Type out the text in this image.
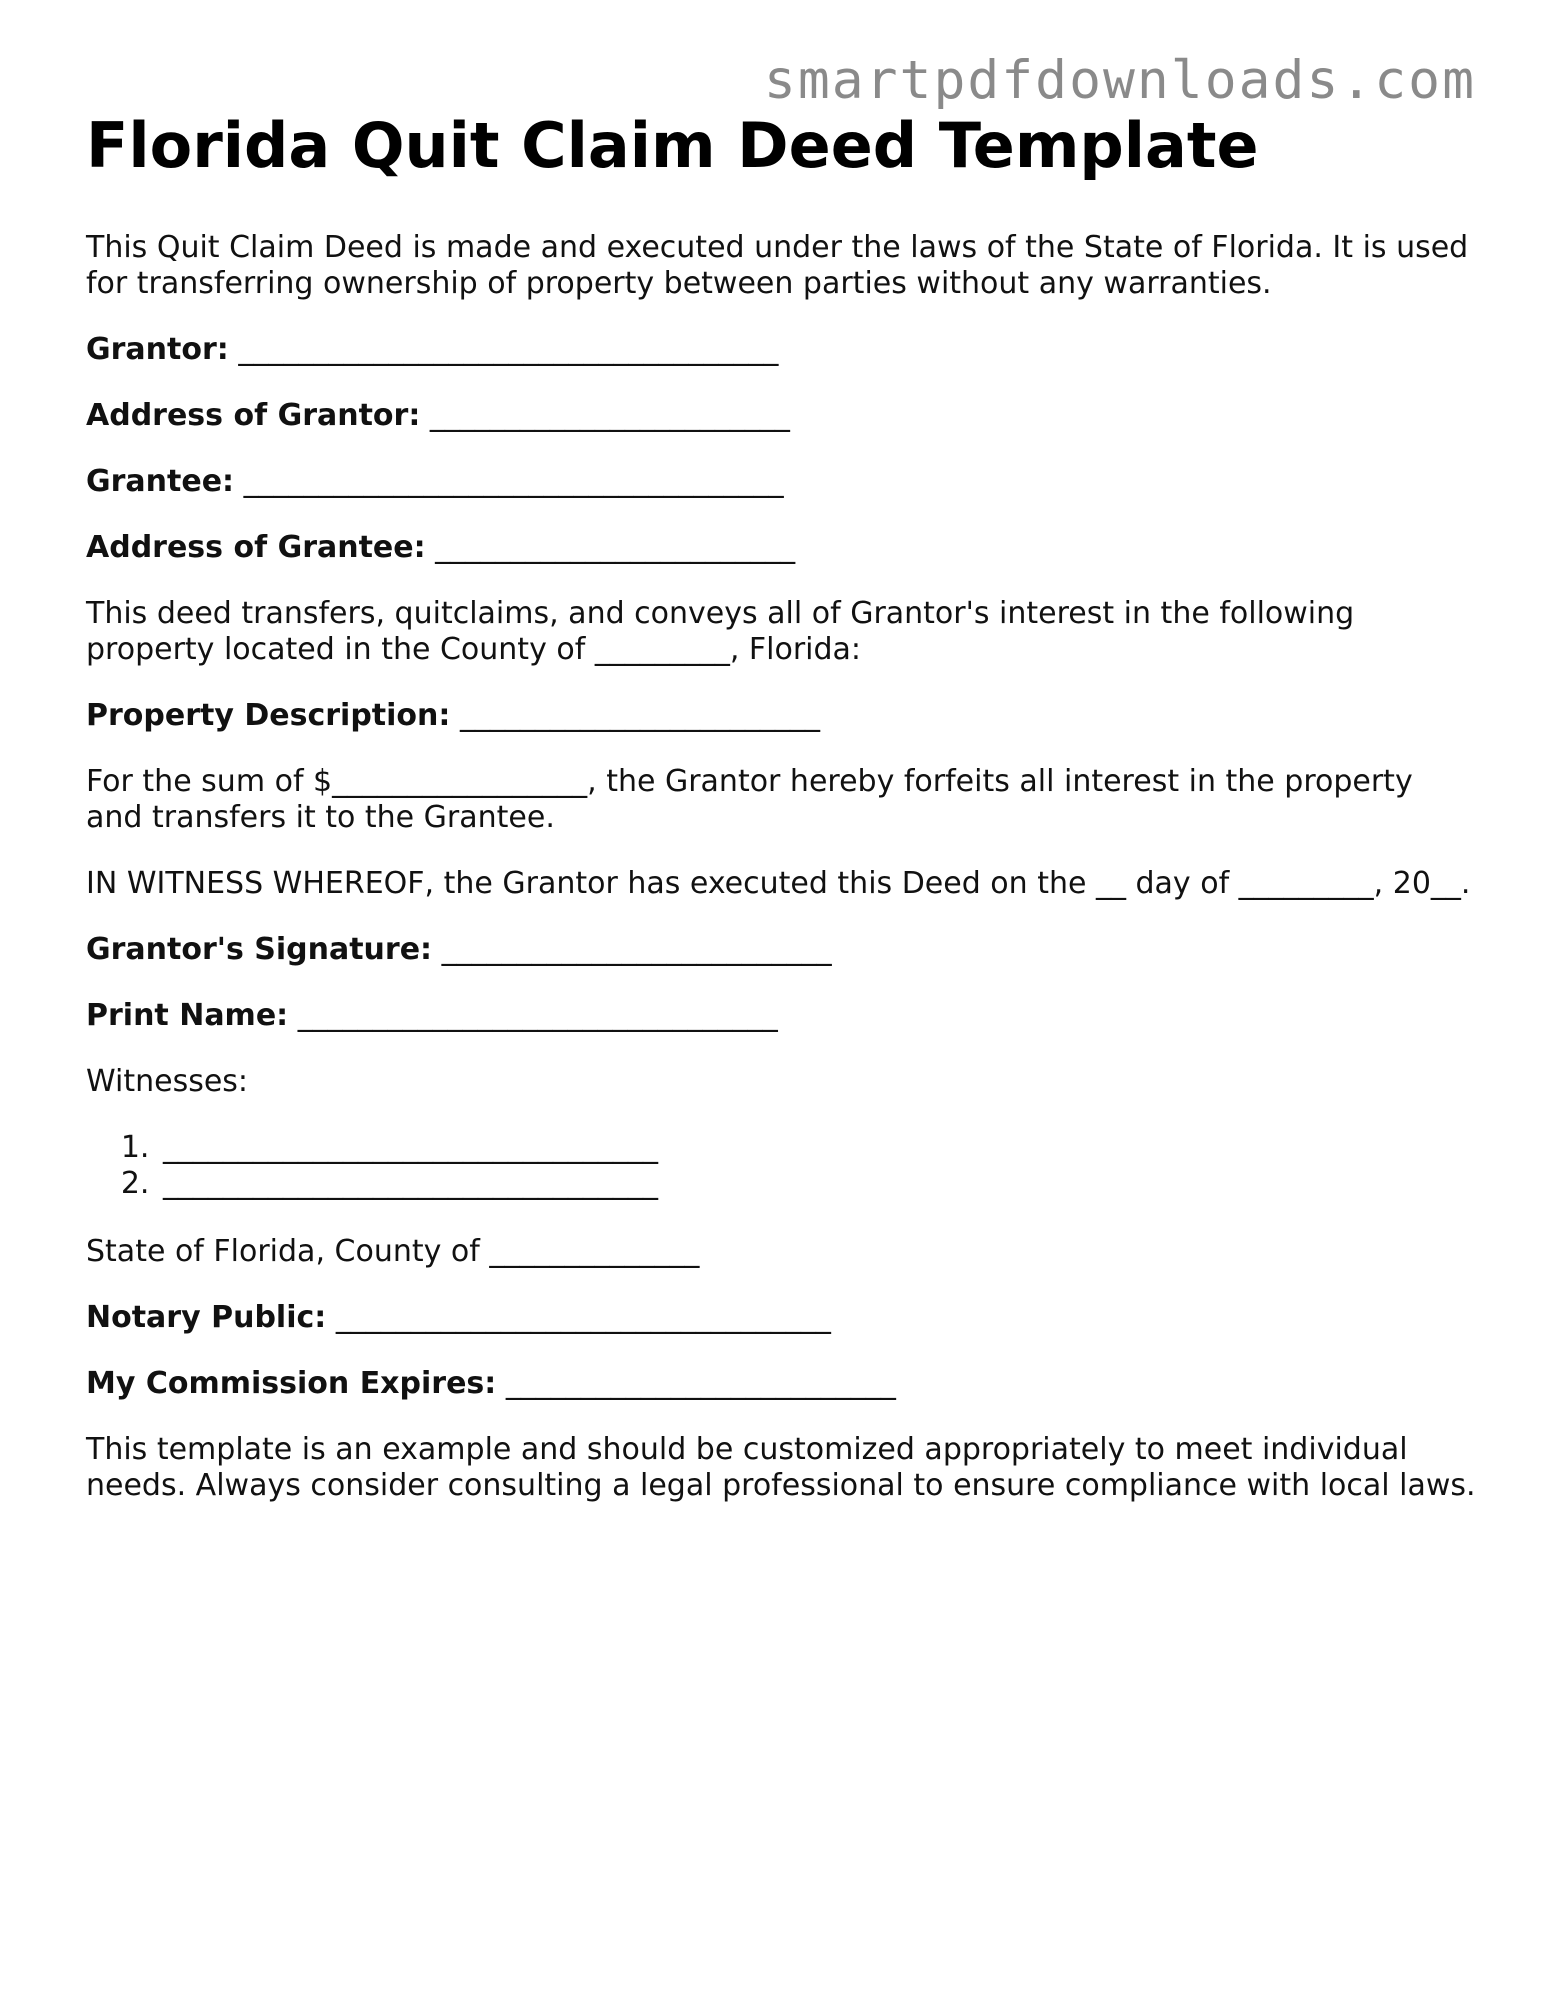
smartpdfdownloads.com
Florida Quit Claim Deed Template

This Quit Claim Deed is made and executed under the laws of the State of Florida. It is used for transferring ownership of property between parties without any warranties.

Grantor: ____________________________________

Address of Grantor: ________________________

Grantee: ____________________________________

Address of Grantee: ________________________

This deed transfers, quitclaims, and conveys all of Grantor's interest in the following property located in the County of _________, Florida:

Property Description: ________________________

For the sum of $_________________, the Grantor hereby forfeits all interest in the property and transfers it to the Grantee.

IN WITNESS WHEREOF, the Grantor has executed this Deed on the __ day of _________, 20__.

Grantor's Signature: __________________________

Print Name: ________________________________

Witnesses:

1. _________________________________
2. _________________________________

State of Florida, County of ______________

Notary Public: _________________________________

My Commission Expires: __________________________

This template is an example and should be customized appropriately to meet individual needs. Always consider consulting a legal professional to ensure compliance with local laws.
